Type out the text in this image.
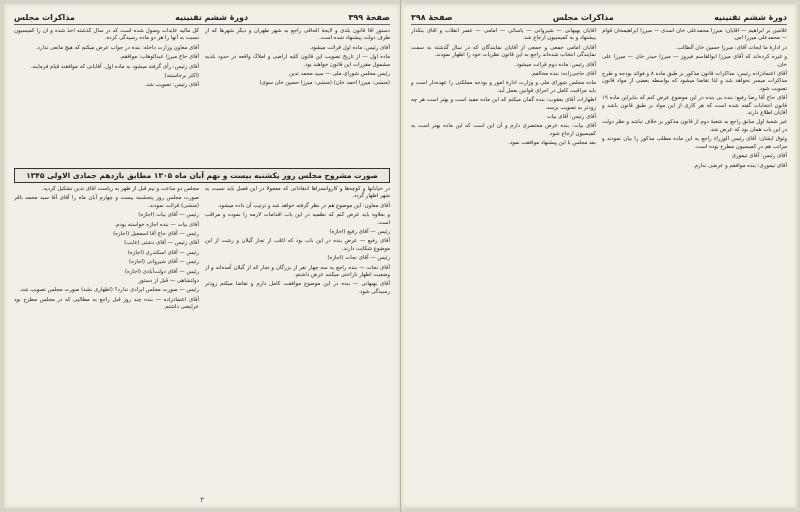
صفحهٔ ۳۹۹
دورهٔ ششم تقنینیه
مذاکرات مجلس

دستور آقا قانون بلدی و لایحهٔ الحاقی راجع به شهر طهران و دیگر شهرها که از طرف دولت پیشنهاد شده است.

آقای رئیس: ماده اول قرائت میشود.

ماده اول — از تاریخ تصویب این قانون کلیه اراضی و املاک واقعه در حدود بلدیه مشمول مقررات این قانون خواهند بود.

رئیس مجلس شورای ملی — سید محمد تدین

(منشی: میرزا احمد خان) (منشی: میرزا حسین خان سوی)

کل مالیه عایدات وصول شده است که در سال گذشته اخذ شده و آن را کمیسیون نسبت به آنها را هر دو ماده رسیدگی کرده.

آقای معاون وزارت داخله: بنده در جواب عرض میکنم که هیچ مانعی ندارد.

آقای حاج میرزا عبدالوهاب: موافقم.

آقای رئیس: رأی گرفته میشود به ماده اول. آقایانی که موافقند قیام فرمایند.

(اکثر برخاستند)

آقای رئیس: تصویب شد.

صورت مشروح مجلس روز یکشنبه بیست و نهم آبان ماه ۱۳۰۵ مطابق بازدهم جمادی الاولی ۱۳۴۵

در خیابانها و کوچه‌ها و کاروانسراها انتقاداتی که معمولاً در این فصل باید نسبت به شهر اظهار گردد.

آقای معاون: این موضوع هم در نظر گرفته خواهد شد و ترتیب آن داده میشود.

و بعلاوه باید عرض کنم که نظمیه در این باب اقدامات لازمه را نموده و مراقب است.

رئیس — آقای رفیع (اجازه)

آقای رفیع — عرض بنده در این باب بود که اغلب از تجار گیلان و رشت از این موضوع شکایت دارند.

رئیس — آقای نجات (اجازه)

آقای نجات — بنده راجع به سه چهار نفر از بزرگان و تجار که از گیلان آمده‌اند و از وضعیت اظهار ناراحتی میکنند عرض داشتم.

آقای بهبهانی — بنده در این موضوع موافقت کامل دارم و تقاضا میکنم زودتر رسیدگی شود.

مجلس دو ساعت و نیم قبل از ظهر به ریاست آقای تدین تشکیل گردید.

صورت مجلس روز پنجشنبه بیست و چهارم آبان ماه را آقای آقا سید محمد باقر (منشی) قرائت نمودند.

رئیس — آقای بیات (اجازه)

آقای بیات — بنده اجازه خواسته بودم.

رئیس — آقای حاج آقا اسمعیل (اجازه)

آقای رئیس — آقای دشتی (غایب)

رئیس — آقای اسکندری (اجازه)

رئیس — آقای شیروانی (اجازه)

رئیس — آقای دولت‌آبادی (اجازه)

دولتشاهی — قبل از دستور

رئیس — صورت مجلس ایرادی ندارد؟ (اظهاری نشد) صورت مجلس تصویب شد.

آقای اعتمادزاده — بنده چند روز قبل راجع به مطالبی که در مجلس مطرح بود عرایضی داشتم.

۳
دورهٔ ششم تقنینیه
مذاکرات مجلس
صفحهٔ ۳۹۸

غلامین بر ابراهیم — آقایان: میرزا محمدعلی خان اسدی — میرزا ابراهیمخان قوام — محمدعلی میرزا اس.

در ادارهٔ ما ابحاث آقای: میرزا حسین خان آلطالب.

و غیره کرده‌اند که آقای میرزا ابوالقاسم فیروز — میرزا حیدر خان — میرزا علی خان.

آقای اعتمادزاده رئیس: مذاکرات قانون مذکور بر طبق ماده ۸ و فوائد بودجه و طرح مذاکرات میسر نخواهد شد و لذا تقاضا میشود که بواسطه بعضی از مواد قانون تصویب شود.

آقای حاج آقا رضا رفیع: بنده بی بنده در این موضوع عرض کنم که بنابراین ماده ۱۹ قانون انتخابات گفته شده است که هر کاری از این مواد بر طبق قانون باشد و آقایان اطلاع دارند.

غیر شعبهٔ اول سابق راجع به شعبهٔ دوم از قانون مذکور بر خلاف نباشد و نظر دولت در این باب همان بود که عرض شد.

وثوق ایشان: آقای رئیس الوزراء راجع به این ماده مطلب مذکور را بیان نمودند و مراتب هم در کمیسیون مطرح بوده است.

آقای رئیس: آقای تیموری

آقای تیموری: بنده موافقم و عرضی ندارم.

آقایان بهبهانی — شیروانی — یاسائی — امامی — عصر انقلاب و آقای بنکدار بیشنهاد و به کمیسیون ارجاع شد.

آقایان امامی جمعی و جمعی از آقایان نمایندگان که در سال گذشته به سمت نمایندگی انتخاب شده‌اند راجع به این قانون نظریات خود را اظهار نمودند.

آقای رئیس: ماده دوم قرائت میشود.

آقای حاجی‌زاده: بنده مخالفم.

ماده مجلس شورای ملی و وزارت ادارهٔ امور و بودجه مملکتی را عهده‌دار است و باید مراقبت کامل در اجرای قوانین بعمل آید.

اظهارات آقای یعقوب: بنده گمان میکنم که این ماده مفید است و بهتر است هر چه زودتر به تصویب برسد.

آقای رئیس: آقای بیات

آقای بیات: بنده عرض مختصری دارم و آن این است که این ماده بهتر است به کمیسیون ارجاع شود.

بعد مجلس با این پیشنهاد موافقت نمود.
